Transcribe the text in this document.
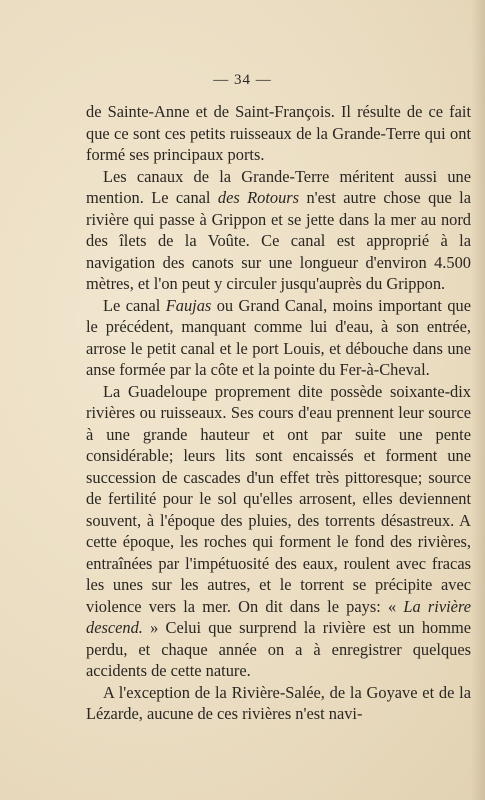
— 34 —

de Sainte-Anne et de Saint-François. Il résulte de ce fait que ce sont ces petits ruisseaux de la Grande-Terre qui ont formé ses principaux ports.

Les canaux de la Grande-Terre méritent aussi une mention. Le canal des Rotours n'est autre chose que la rivière qui passe à Grippon et se jette dans la mer au nord des îlets de la Voûte. Ce canal est approprié à la navigation des canots sur une longueur d'environ 4.500 mètres, et l'on peut y circuler jusqu'auprès du Grippon.

Le canal Faujas ou Grand Canal, moins important que le précédent, manquant comme lui d'eau, à son entrée, arrose le petit canal et le port Louis, et débouche dans une anse formée par la côte et la pointe du Fer-à-Cheval.

La Guadeloupe proprement dite possède soixante-dix rivières ou ruisseaux. Ses cours d'eau prennent leur source à une grande hauteur et ont par suite une pente considérable; leurs lits sont encaissés et forment une succession de cascades d'un effet très pittoresque; source de fertilité pour le sol qu'elles arrosent, elles deviennent souvent, à l'époque des pluies, des torrents désastreux. A cette époque, les roches qui forment le fond des rivières, entraînées par l'impétuosité des eaux, roulent avec fracas les unes sur les autres, et le torrent se précipite avec violence vers la mer. On dit dans le pays: « La rivière descend. » Celui que surprend la rivière est un homme perdu, et chaque année on a à enregistrer quelques accidents de cette nature.

A l'exception de la Rivière-Salée, de la Goyave et de la Lézarde, aucune de ces rivières n'est navi-
